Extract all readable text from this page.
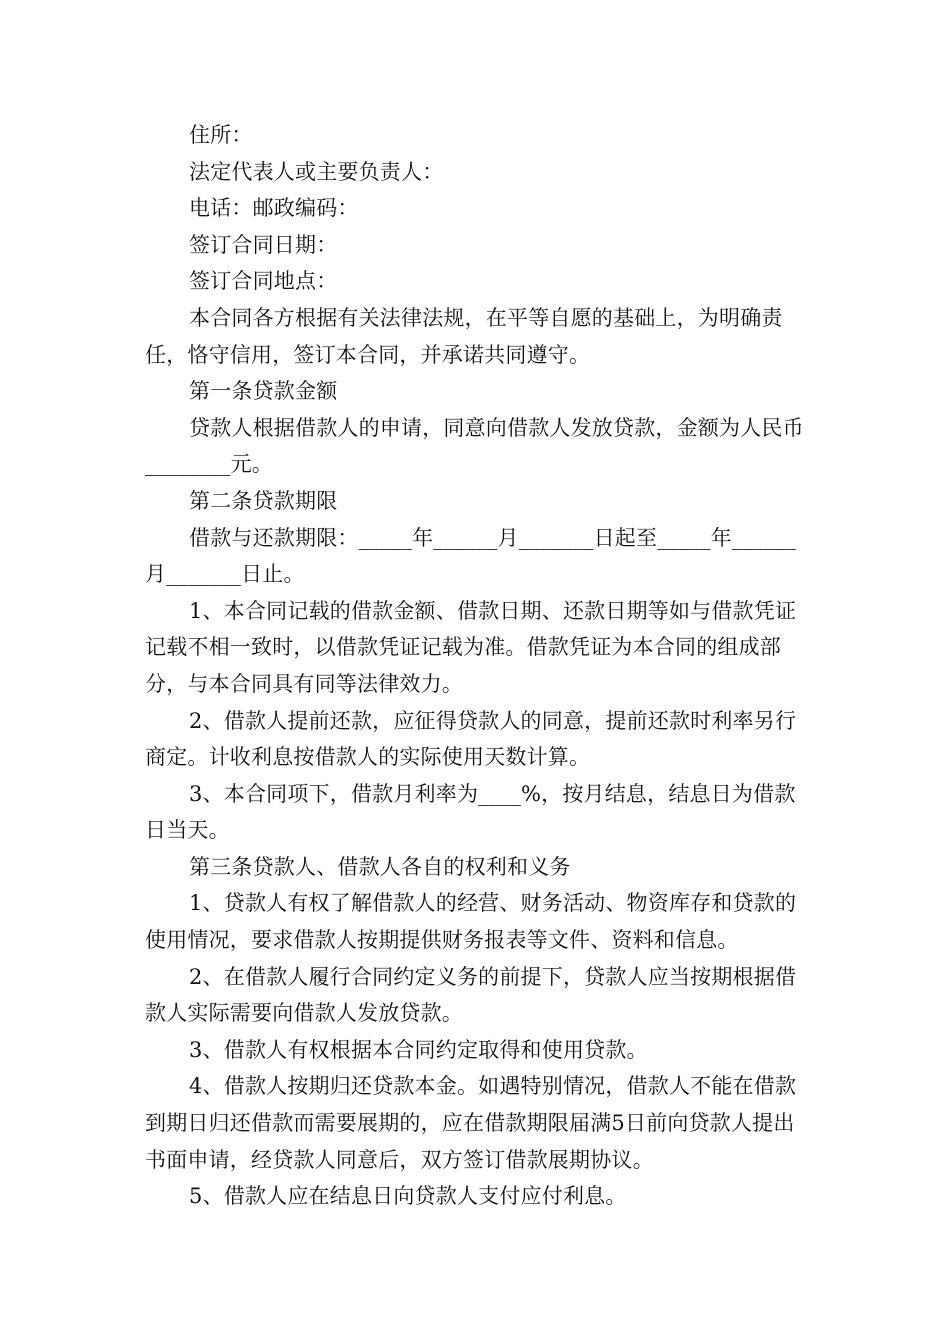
住所：

法定代表人或主要负责人：

电话：邮政编码：

签订合同日期：

签订合同地点：

本合同各方根据有关法律法规，在平等自愿的基础上，为明确责任，恪守信用，签订本合同，并承诺共同遵守。

第一条贷款金额

贷款人根据借款人的申请，同意向借款人发放贷款，金额为人民币________元。

第二条贷款期限

借款与还款期限：_____年______月_______日起至_____年______月_______日止。

1、本合同记载的借款金额、借款日期、还款日期等如与借款凭证记载不相一致时，以借款凭证记载为准。借款凭证为本合同的组成部分，与本合同具有同等法律效力。

2、借款人提前还款，应征得贷款人的同意，提前还款时利率另行商定。计收利息按借款人的实际使用天数计算。

3、本合同项下，借款月利率为____%，按月结息，结息日为借款日当天。

第三条贷款人、借款人各自的权利和义务

1、贷款人有权了解借款人的经营、财务活动、物资库存和贷款的使用情况，要求借款人按期提供财务报表等文件、资料和信息。

2、在借款人履行合同约定义务的前提下，贷款人应当按期根据借款人实际需要向借款人发放贷款。

3、借款人有权根据本合同约定取得和使用贷款。

4、借款人按期归还贷款本金。如遇特别情况，借款人不能在借款到期日归还借款而需要展期的，应在借款期限届满5日前向贷款人提出书面申请，经贷款人同意后，双方签订借款展期协议。

5、借款人应在结息日向贷款人支付应付利息。
